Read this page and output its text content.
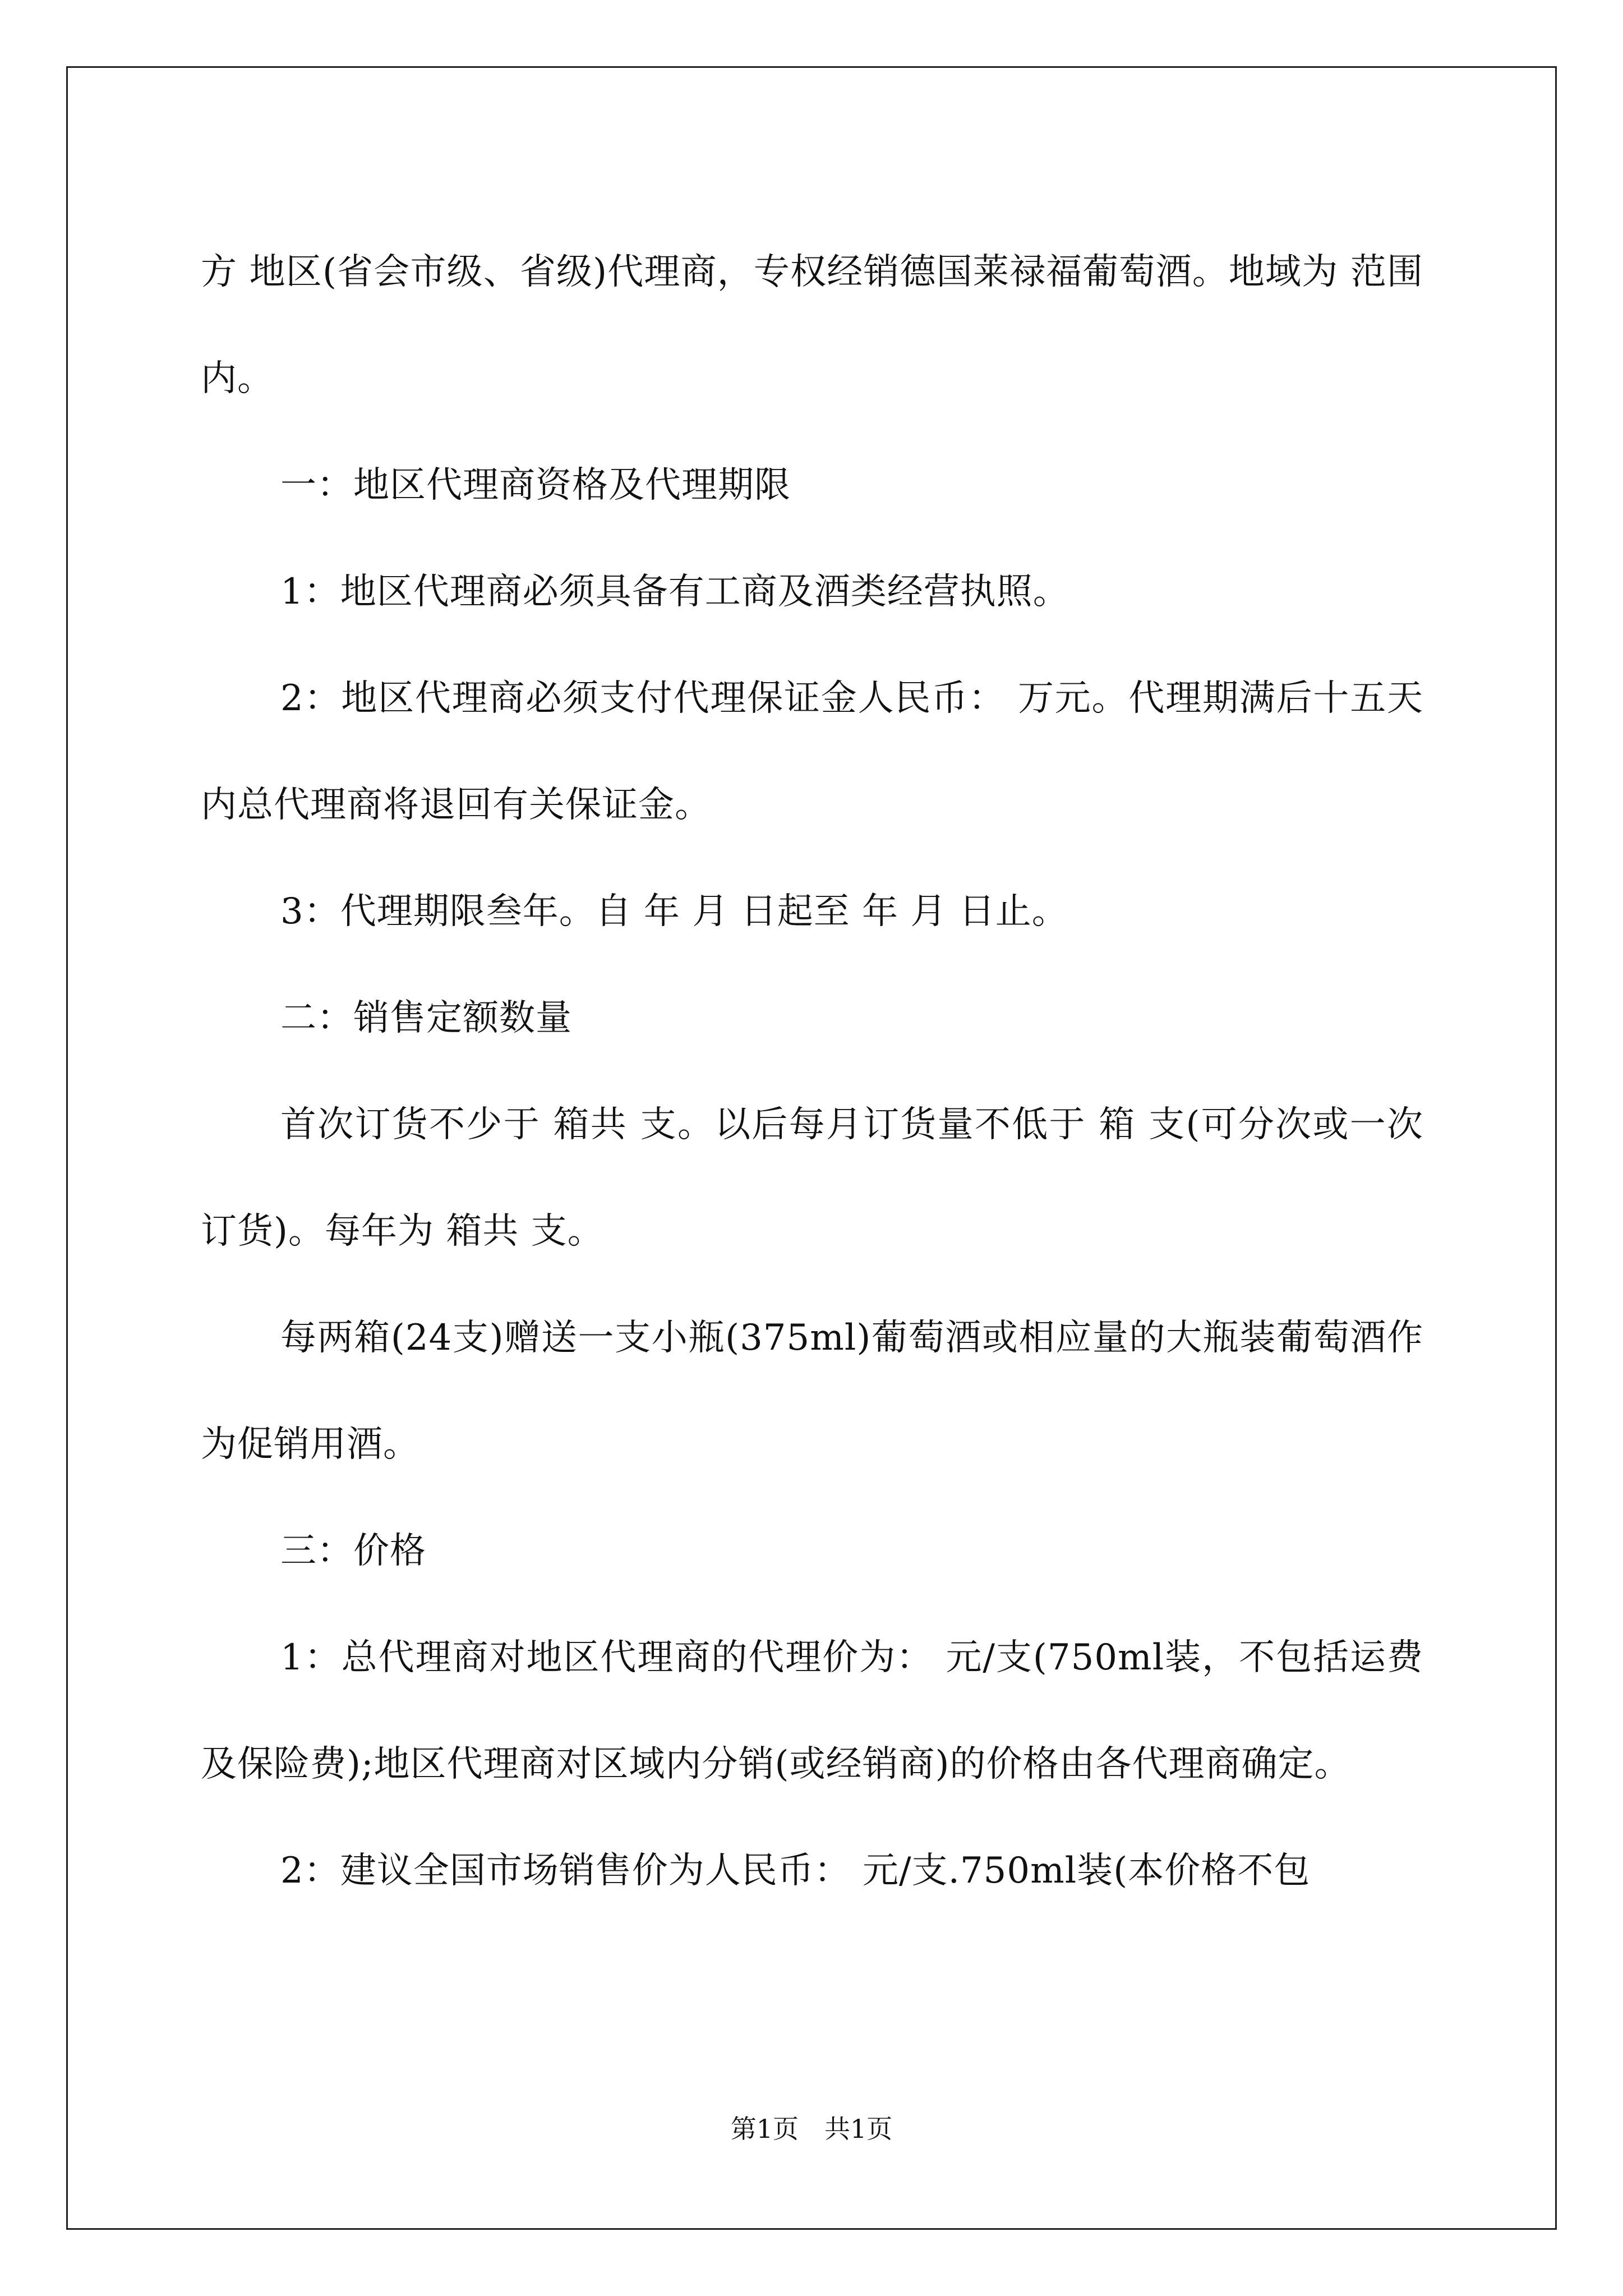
方 地区(省会市级、省级)代理商，专权经销德国莱禄福葡萄酒。地域为 范围内。

一：地区代理商资格及代理期限

1：地区代理商必须具备有工商及酒类经营执照。

2：地区代理商必须支付代理保证金人民币： 万元。代理期满后十五天内总代理商将退回有关保证金。

3：代理期限叁年。自 年 月 日起至 年 月 日止。

二：销售定额数量

首次订货不少于 箱共 支。以后每月订货量不低于 箱 支(可分次或一次订货)。每年为 箱共 支。

每两箱(24支)赠送一支小瓶(375ml)葡萄酒或相应量的大瓶装葡萄酒作为促销用酒。

三：价格

1：总代理商对地区代理商的代理价为： 元/支(750ml装，不包括运费及保险费);地区代理商对区域内分销(或经销商)的价格由各代理商确定。

2：建议全国市场销售价为人民币： 元/支.750ml装(本价格不包

第1页　共1页
